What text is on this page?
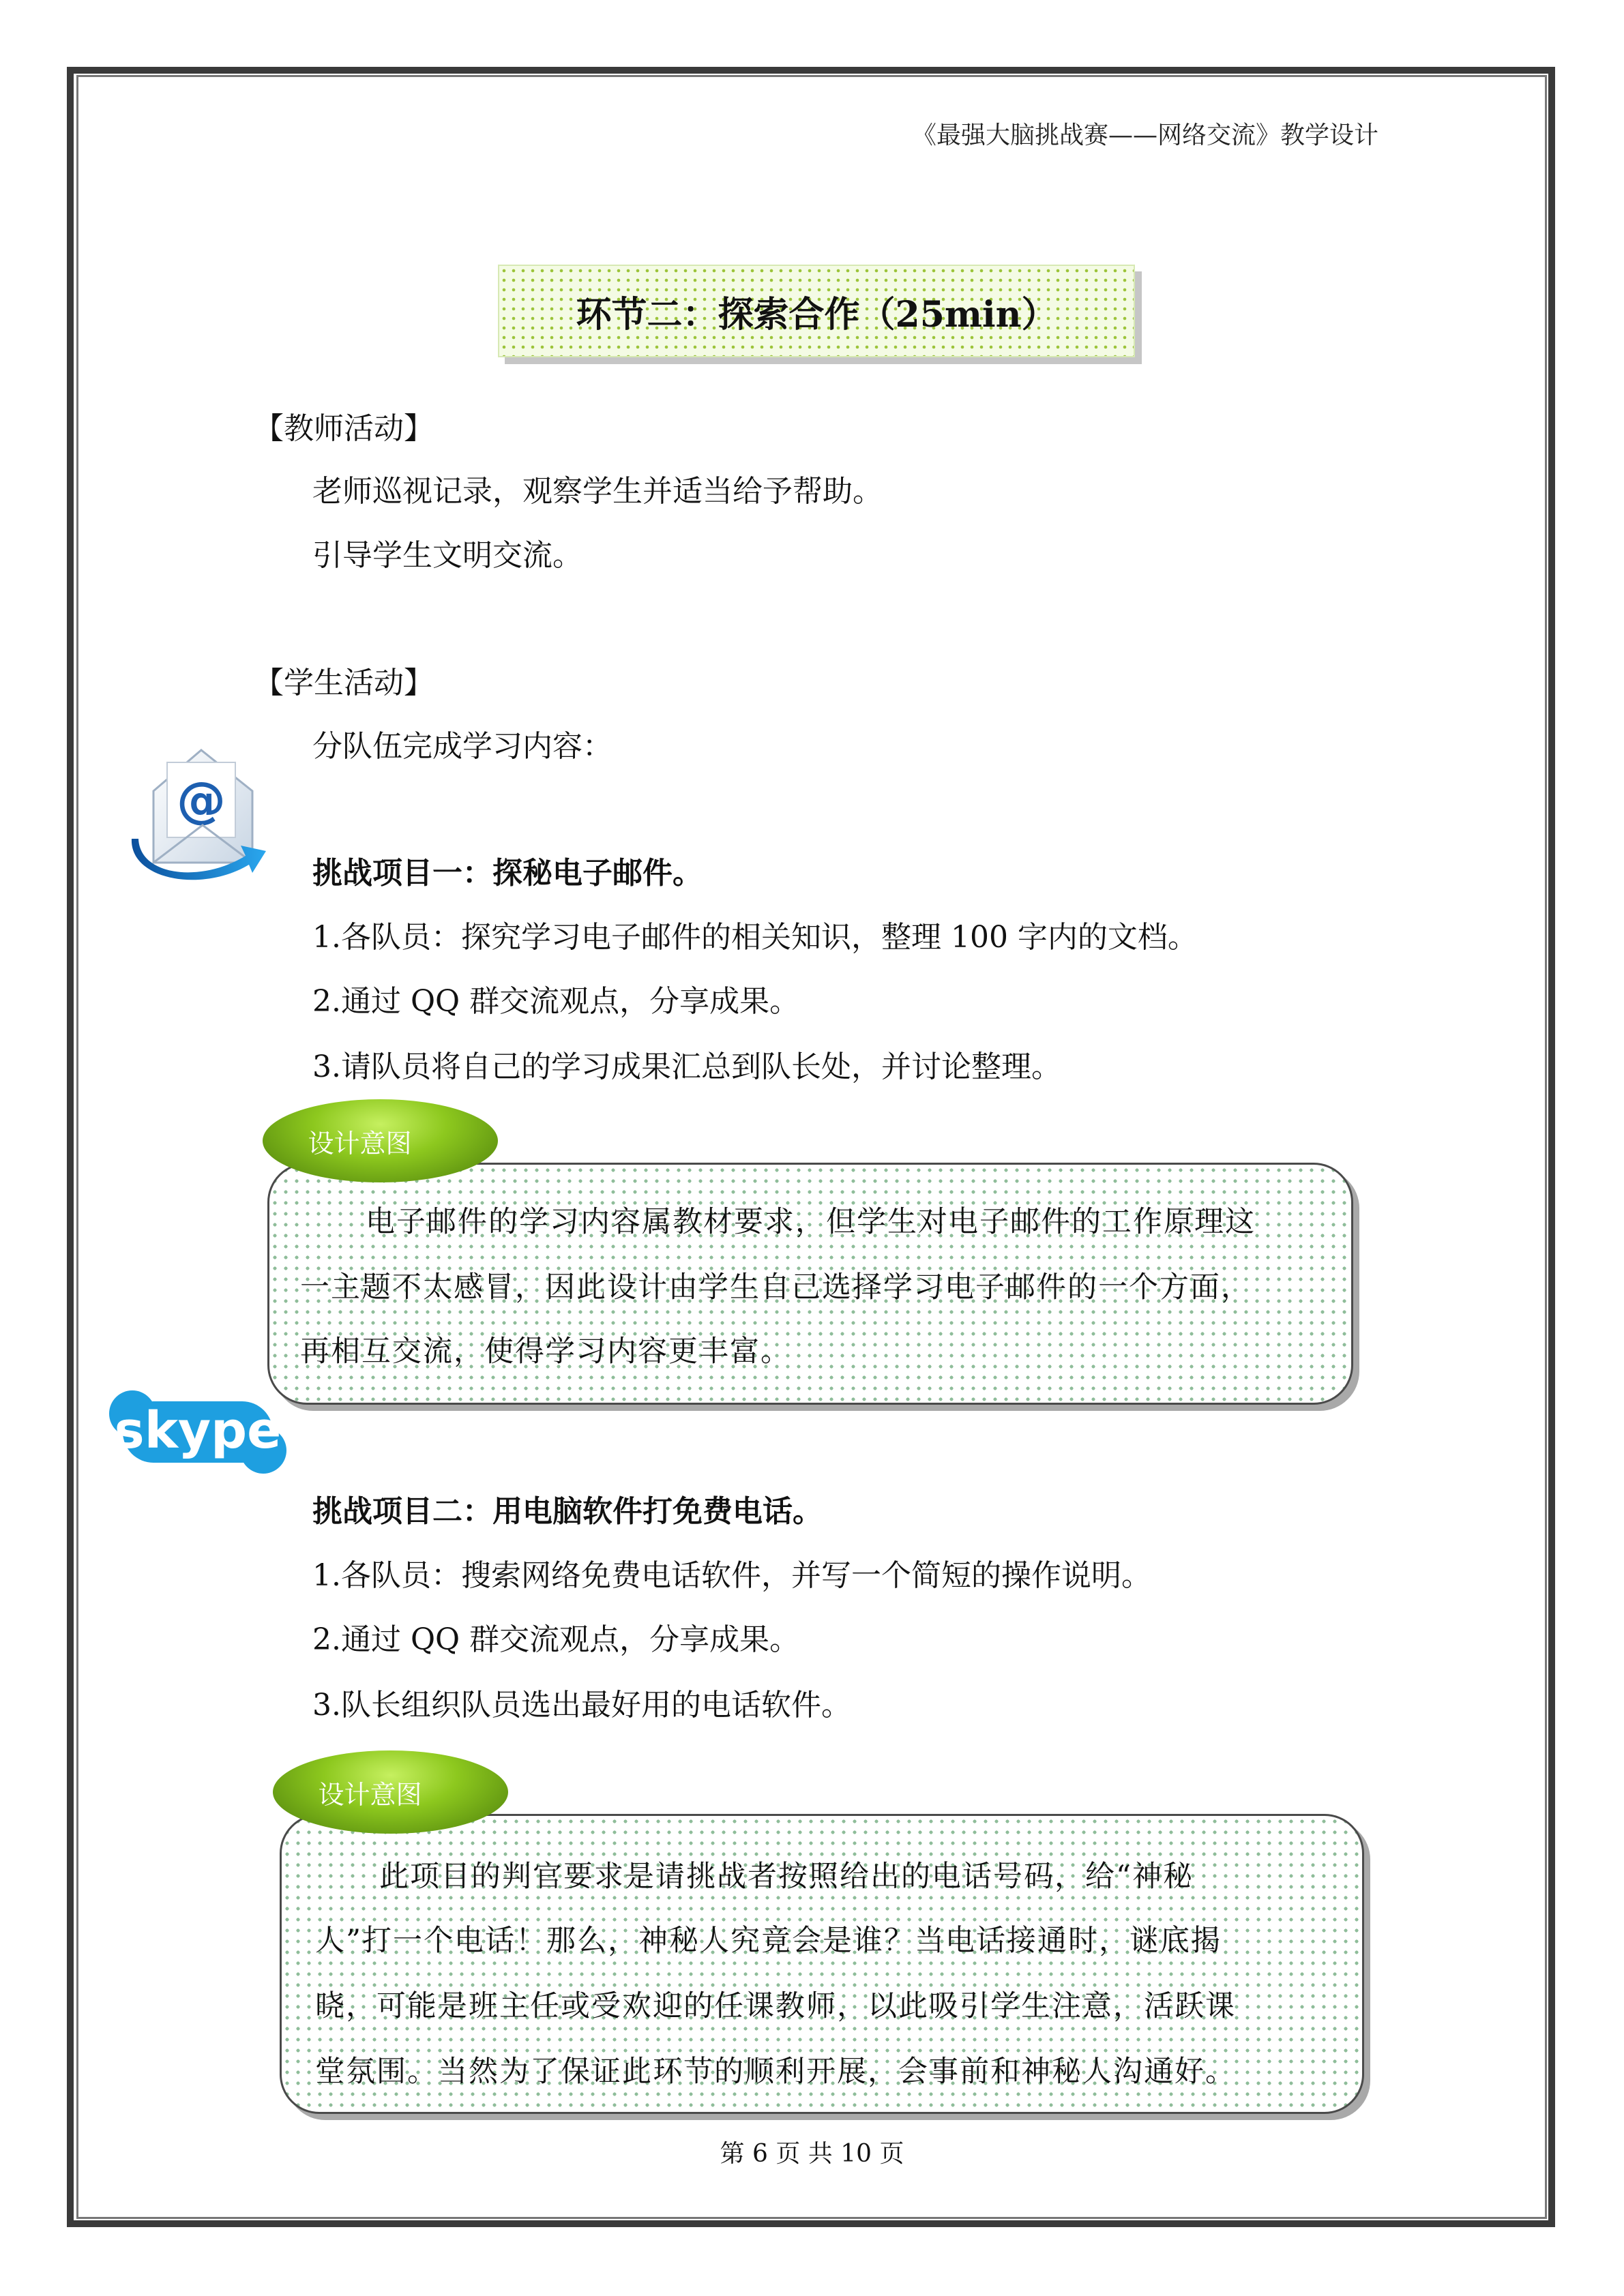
《最强大脑挑战赛——网络交流》教学设计
环节二：探索合作（25min）
【教师活动】
老师巡视记录，观察学生并适当给予帮助。
引导学生文明交流。
【学生活动】
分队伍完成学习内容：
@
挑战项目一：探秘电子邮件。
1.各队员：探究学习电子邮件的相关知识，整理 100 字内的文档。
2.通过 QQ 群交流观点，分享成果。
3.请队员将自己的学习成果汇总到队长处，并讨论整理。
设计意图
电子邮件的学习内容属教材要求，但学生对电子邮件的工作原理这
一主题不太感冒，因此设计由学生自己选择学习电子邮件的一个方面，
再相互交流，使得学习内容更丰富。
skype
挑战项目二：用电脑软件打免费电话。
1.各队员：搜索网络免费电话软件，并写一个简短的操作说明。
2.通过 QQ 群交流观点，分享成果。
3.队长组织队员选出最好用的电话软件。
设计意图
此项目的判官要求是请挑战者按照给出的电话号码，给“神秘
人”打一个电话！那么，神秘人究竟会是谁？当电话接通时，谜底揭
晓，可能是班主任或受欢迎的任课教师，以此吸引学生注意，活跃课
堂氛围。当然为了保证此环节的顺利开展，会事前和神秘人沟通好。
第 6 页 共 10 页
